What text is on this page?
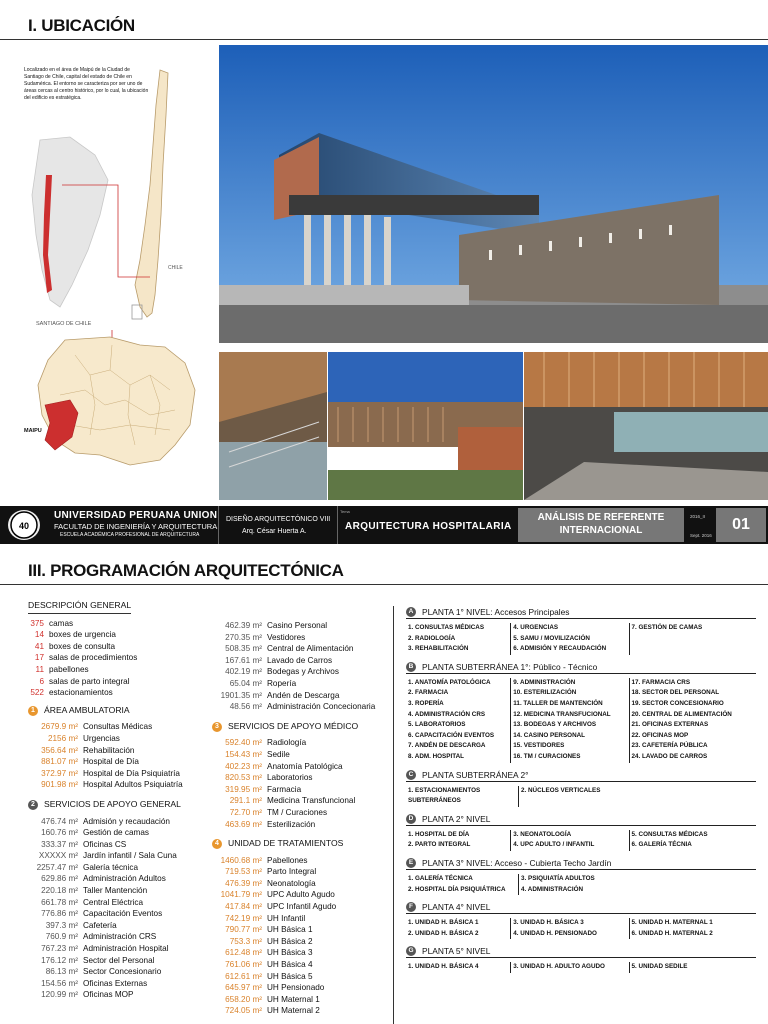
I. UBICACIÓN
Localizado en el área de Maipú de la Ciudad de Santiago de Chile, capital del estado de Chile en Sudamérica. El entorno se caracteriza por ser uno de áreas cercas al centro histórico, por lo cual, la ubicación del edificio es estratégica.
CHILE
SANTIAGO DE CHILE
MAIPU
40
UNIVERSIDAD PERUANA UNION
FACULTAD DE INGENIERÍA Y ARQUITECTURA
ESCUELA ACADÉMICA PROFESIONAL DE ARQUITECTURA
DISEÑO ARQUITECTÓNICO VIII
Arq. César Huerta A.
Tema
ARQUITECTURA HOSPITALARIA
ANÁLISIS DE REFERENTE
INTERNACIONAL
2016_II
Sept. 2016
01
III. PROGRAMACIÓN ARQUITECTÓNICA
DESCRIPCIÓN GENERAL
375 camas
14 boxes de urgencia
41 boxes de consulta
17 salas de procedimientos
11 pabellones
6 salas de parto integral
522 estacionamientos
1	ÁREA AMBULATORIA
2679.9 m² Consultas Médicas
2156 m² Urgencias
356.64 m² Rehabilitación
881.07 m² Hospital de Día
372.97 m² Hospital de Día Psiquiatría
901.98 m² Hospital Adultos Psiquiatría
2	SERVICIOS DE APOYO GENERAL
476.74 m² Admisión y recaudación
160.76 m² Gestión de camas
333.37 m² Oficinas CS
XXXXX m² Jardín infantil / Sala Cuna
2257.47 m² Galería técnica
629.86 m² Administración Adultos
220.18 m² Taller Mantención
661.78 m² Central Eléctrica
776.86 m² Capacitación Eventos
397.3 m² Cafetería
760.9 m² Administración CRS
767.23 m² Administración Hospital
176.12 m² Sector del Personal
86.13 m² Sector Concesionario
154.56 m² Oficinas Externas
120.99 m² Oficinas MOP
462.39 m² Casino Personal
270.35 m² Vestidores
508.35 m² Central de Alimentación
167.61 m² Lavado de Carros
402.19 m² Bodegas y Archivos
65.04 m² Ropería
1901.35 m² Andén de Descarga
48.56 m² Administración Concecionaria
3	SERVICIOS DE APOYO MÉDICO
592.40 m² Radiología
154.43 m² Sedile
402.23 m² Anatomía Patológica
820.53 m² Laboratorios
319.95 m² Farmacia
291.1 m² Medicina Transfuncional
72.70 m² TM / Curaciones
463.69 m² Esterilización
4	UNIDAD DE TRATAMIENTOS
1460.68 m² Pabellones
719.53 m² Parto Integral
476.39 m² Neonatología
1041.79 m² UPC Adulto Agudo
417.84 m² UPC Infantil Agudo
742.19 m² UH Infantil
790.77 m² UH Básica 1
753.3 m² UH Básica 2
612.48 m² UH Básica 3
761.06 m² UH Básica 4
612.61 m² UH Básica 5
645.97 m² UH Pensionado
658.20 m² UH Maternal 1
724.05 m² UH Maternal 2
A	PLANTA 1° NIVEL: Accesos Principales
1. CONSULTAS MÉDICAS
2. RADIOLOGÍA
3. REHABILITACIÓN
4. URGENCIAS
5. SAMU / MOVILIZACIÓN
6. ADMISIÓN Y RECAUDACIÓN
7. GESTIÓN DE CAMAS
B	PLANTA SUBTERRÁNEA 1°: Público - Técnico
1. ANATOMÍA PATOLÓGICA
2. FARMACIA
3. ROPERÍA
4. ADMINISTRACIÓN CRS
5. LABORATORIOS
6. CAPACITACIÓN EVENTOS
7. ANDÉN DE DESCARGA
8. ADM. HOSPITAL
9. ADMINISTRACIÓN
10. ESTERILIZACIÓN
11. TALLER DE MANTENCIÓN
12. MEDICINA TRANSFUCIONAL
13. BODEGAS Y ARCHIVOS
14. CASINO PERSONAL
15. VESTIDORES
16. TM / CURACIONES
17. FARMACIA CRS
18. SECTOR DEL PERSONAL
19. SECTOR CONCESIONARIO
20. CENTRAL DE ALIMENTACIÓN
21. OFICINAS EXTERNAS
22. OFICINAS MOP
23. CAFETERÍA PÚBLICA
24. LAVADO DE CARROS
C	PLANTA SUBTERRÁNEA 2°
1. ESTACIONAMIENTOS SUBTERRÁNEOS
2. NÚCLEOS VERTICALES
D	PLANTA 2° NIVEL
1. HOSPITAL DE DÍA
2. PARTO INTEGRAL
3. NEONATOLOGÍA
4. UPC ADULTO / INFANTIL
5. CONSULTAS MÉDICAS
6. GALERÍA TÉCNIA
E	PLANTA 3° NIVEL: Acceso - Cubierta Techo Jardín
1. GALERÍA TÉCNICA
2. HOSPITAL DÍA PSIQUIÁTRICA
3. PSIQUIATÍA ADULTOS
4. ADMINISTRACIÓN
F	PLANTA 4° NIVEL
1. UNIDAD H. BÁSICA 1
2. UNIDAD H. BÁSICA 2
3. UNIDAD H. BÁSICA 3
4. UNIDAD H. PENSIONADO
5. UNIDAD H. MATERNAL 1
6. UNIDAD H. MATERNAL 2
G PLANTA 5° NIVEL
1. UNIDAD H. BÁSICA 4	3. UNIDAD H. ADULTO AGUDO	5. UNIDAD SEDILE
